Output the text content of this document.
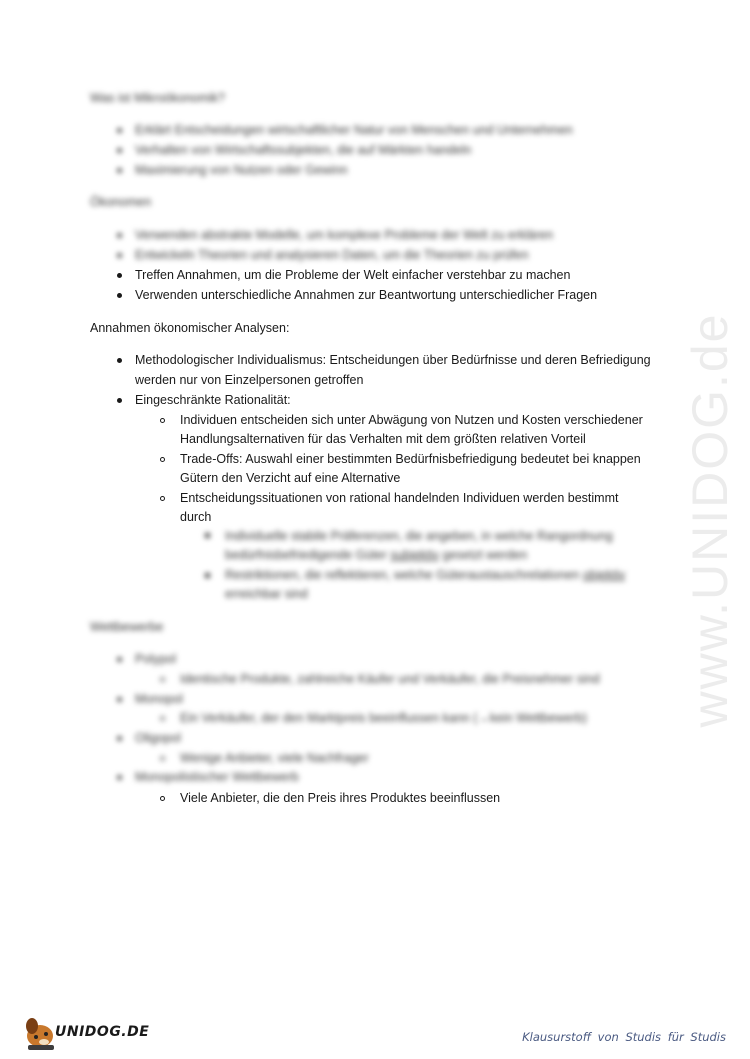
www.UNIDOG.de

Was ist Mikroökonomik?

Erklärt Entscheidungen wirtschaftlicher Natur von Menschen und Unternehmen

Verhalten von Wirtschaftssubjekten, die auf Märkten handeln

Maximierung von Nutzen oder Gewinn

Ökonomen

Verwenden abstrakte Modelle, um komplexe Probleme der Welt zu erklären

Entwickeln Theorien und analysieren Daten, um die Theorien zu prüfen

Treffen Annahmen, um die Probleme der Welt einfacher verstehbar zu machen

Verwenden unterschiedliche Annahmen zur Beantwortung unterschiedlicher Fragen

Annahmen ökonomischer Analysen:

Methodologischer Individualismus: Entscheidungen über Bedürfnisse und deren Befriedigung

werden nur von Einzelpersonen getroffen

Eingeschränkte Rationalität:

Individuen entscheiden sich unter Abwägung von Nutzen und Kosten verschiedener

Handlungsalternativen für das Verhalten mit dem größten relativen Vorteil

Trade-Offs: Auswahl einer bestimmten Bedürfnisbefriedigung bedeutet bei knappen

Gütern den Verzicht auf eine Alternative

Entscheidungssituationen von rational handelnden Individuen werden bestimmt

durch

Individuelle stabile Präferenzen, die angeben, in welche Rangordnung

bedürfnisbefriedigende Güter subjektiv gesetzt werden

Restriktionen, die reflektieren, welche Güteraustauschrelationen objektiv

erreichbar sind

Wettbewerbe

Polypol

Identische Produkte, zahlreiche Käufer und Verkäufer, die Preisnehmer sind

Monopol

Ein Verkäufer, der den Marktpreis beeinflussen kann (→kein Wettbewerb)

Oligopol

Wenige Anbieter, viele Nachfrager

Monopolistischer Wettbewerb

Viele Anbieter, die den Preis ihres Produktes beeinflussen

UNIDOG.DE	Klausurstoff von Studis für Studis
